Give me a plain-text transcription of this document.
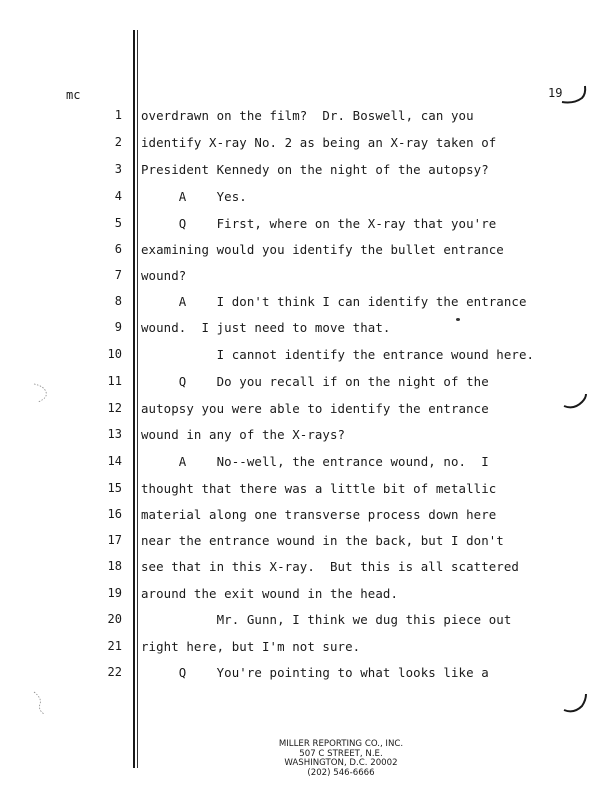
mc	19
1 overdrawn on the film?  Dr. Boswell, can you
2 identify X-ray No. 2 as being an X-ray taken of
3 President Kennedy on the night of the autopsy?
4 A    Yes.
5 Q    First, where on the X-ray that you're
6 examining would you identify the bullet entrance
7 wound?
8 A    I don't think I can identify the entrance
9 wound.  I just need to move that.
10 I cannot identify the entrance wound here.
11 Q    Do you recall if on the night of the
12 autopsy you were able to identify the entrance
13 wound in any of the X-rays?
14 A    No--well, the entrance wound, no.  I
15 thought that there was a little bit of metallic
16 material along one transverse process down here
17 near the entrance wound in the back, but I don't
18 see that in this X-ray.  But this is all scattered
19 around the exit wound in the head.
20 Mr. Gunn, I think we dug this piece out
21 right here, but I'm not sure.
22 Q    You're pointing to what looks like a
MILLER REPORTING CO., INC.
507 C STREET, N.E.
WASHINGTON, D.C. 20002
(202) 546-6666
